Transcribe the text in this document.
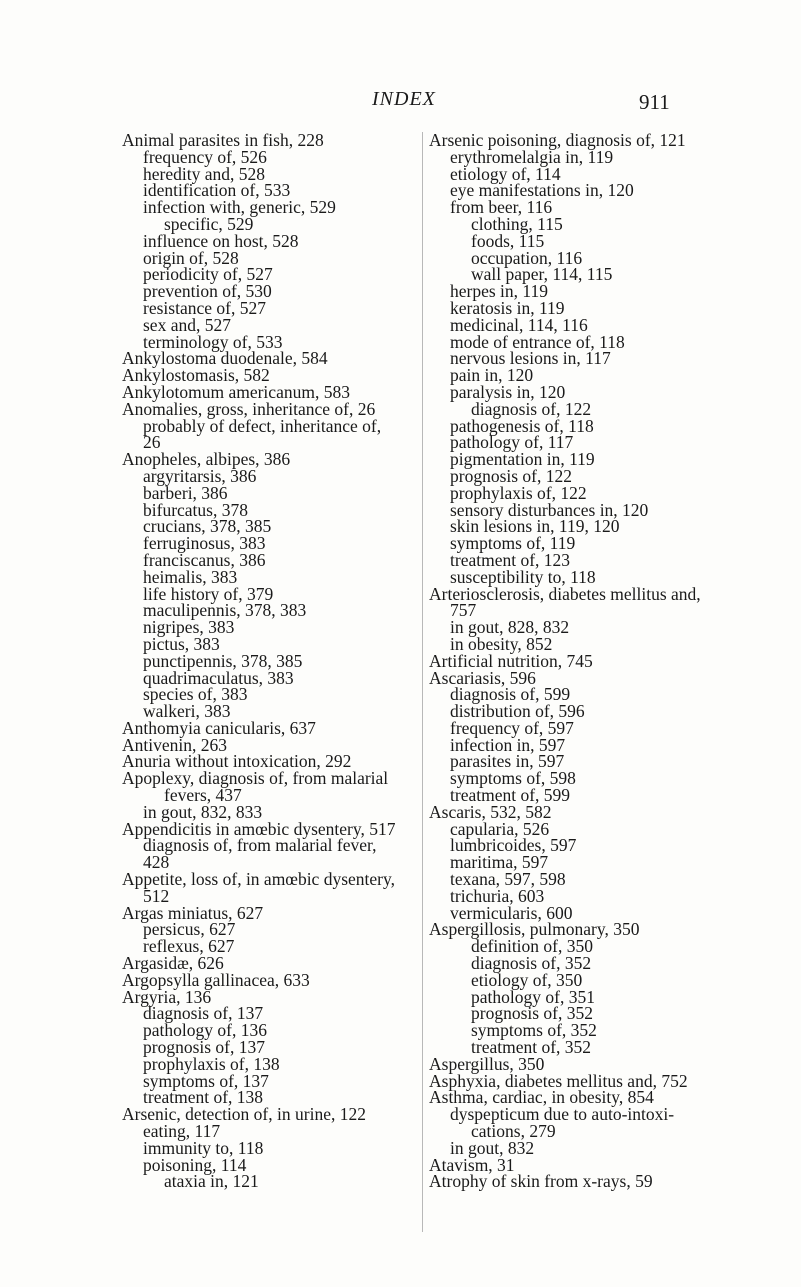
INDEX	911
Animal parasites in fish, 228
frequency of, 526
heredity and, 528
identification of, 533
infection with, generic, 529
specific, 529
influence on host, 528
origin of, 528
periodicity of, 527
prevention of, 530
resistance of, 527
sex and, 527
terminology of, 533
Ankylostoma duodenale, 584
Ankylostomasis, 582
Ankylotomum americanum, 583
Anomalies, gross, inheritance of, 26
probably of defect, inheritance of,
26
Anopheles, albipes, 386
argyritarsis, 386
barberi, 386
bifurcatus, 378
crucians, 378, 385
ferruginosus, 383
franciscanus, 386
heimalis, 383
life history of, 379
maculipennis, 378, 383
nigripes, 383
pictus, 383
punctipennis, 378, 385
quadrimaculatus, 383
species of, 383
walkeri, 383
Anthomyia canicularis, 637
Antivenin, 263
Anuria without intoxication, 292
Apoplexy, diagnosis of, from malarial
fevers, 437
in gout, 832, 833
Appendicitis in amœbic dysentery, 517
diagnosis of, from malarial fever,
428
Appetite, loss of, in amœbic dysentery,
512
Argas miniatus, 627
persicus, 627
reflexus, 627
Argasidæ, 626
Argopsylla gallinacea, 633
Argyria, 136
diagnosis of, 137
pathology of, 136
prognosis of, 137
prophylaxis of, 138
symptoms of, 137
treatment of, 138
Arsenic, detection of, in urine, 122
eating, 117
immunity to, 118
poisoning, 114
ataxia in, 121
Arsenic poisoning, diagnosis of, 121
erythromelalgia in, 119
etiology of, 114
eye manifestations in, 120
from beer, 116
clothing, 115
foods, 115
occupation, 116
wall paper, 114, 115
herpes in, 119
keratosis in, 119
medicinal, 114, 116
mode of entrance of, 118
nervous lesions in, 117
pain in, 120
paralysis in, 120
diagnosis of, 122
pathogenesis of, 118
pathology of, 117
pigmentation in, 119
prognosis of, 122
prophylaxis of, 122
sensory disturbances in, 120
skin lesions in, 119, 120
symptoms of, 119
treatment of, 123
susceptibility to, 118
Arteriosclerosis, diabetes mellitus and,
757
in gout, 828, 832
in obesity, 852
Artificial nutrition, 745
Ascariasis, 596
diagnosis of, 599
distribution of, 596
frequency of, 597
infection in, 597
parasites in, 597
symptoms of, 598
treatment of, 599
Ascaris, 532, 582
capularia, 526
lumbricoides, 597
maritima, 597
texana, 597, 598
trichuria, 603
vermicularis, 600
Aspergillosis, pulmonary, 350
definition of, 350
diagnosis of, 352
etiology of, 350
pathology of, 351
prognosis of, 352
symptoms of, 352
treatment of, 352
Aspergillus, 350
Asphyxia, diabetes mellitus and, 752
Asthma, cardiac, in obesity, 854
dyspepticum due to auto-intoxi-
cations, 279
in gout, 832
Atavism, 31
Atrophy of skin from x-rays, 59
